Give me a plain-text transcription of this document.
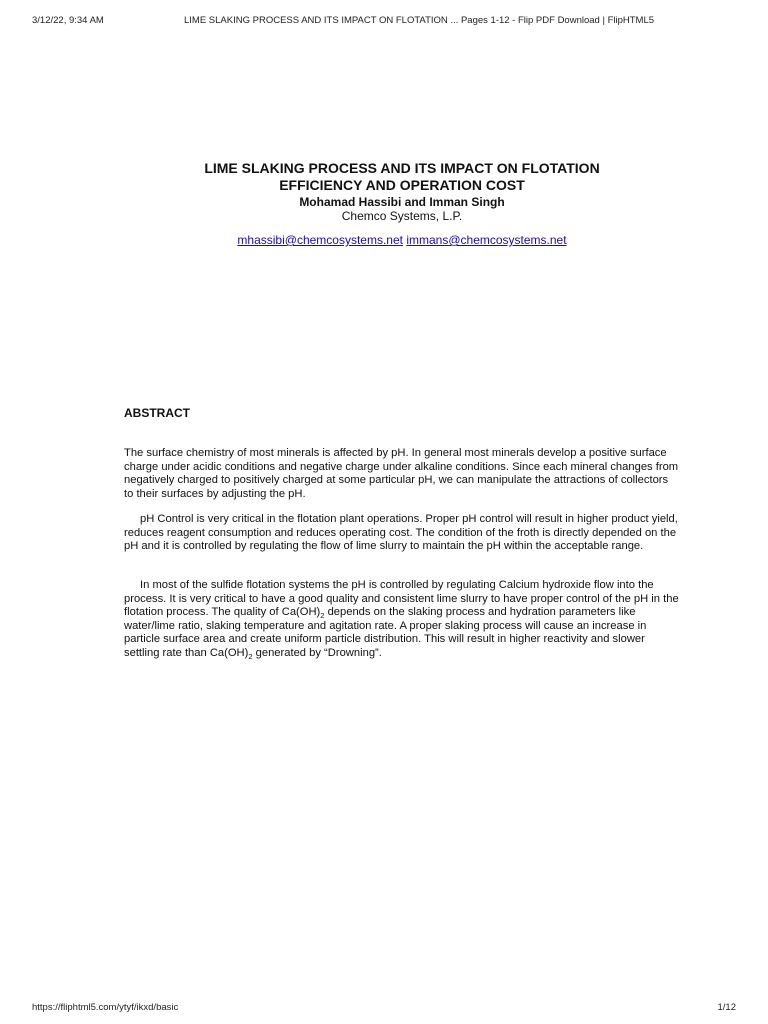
3/12/22, 9:34 AM	LIME SLAKING PROCESS AND ITS IMPACT ON FLOTATION ... Pages 1-12 - Flip PDF Download | FlipHTML5
LIME SLAKING PROCESS AND ITS IMPACT ON FLOTATION
EFFICIENCY AND OPERATION COST
Mohamad Hassibi and Imman Singh
Chemco Systems, L.P.
mhassibi@chemcosystems.net immans@chemcosystems.net
ABSTRACT

The surface chemistry of most minerals is affected by pH. In general most minerals develop a positive surface charge under acidic conditions and negative charge under alkaline conditions. Since each mineral changes from negatively charged to positively charged at some particular pH, we can manipulate the attractions of collectors to their surfaces by adjusting the pH.

pH Control is very critical in the flotation plant operations. Proper pH control will result in higher product yield, reduces reagent consumption and reduces operating cost. The condition of the froth is directly depended on the pH and it is controlled by regulating the flow of lime slurry to maintain the pH within the acceptable range.

In most of the sulfide flotation systems the pH is controlled by regulating Calcium hydroxide flow into the process. It is very critical to have a good quality and consistent lime slurry to have proper control of the pH in the flotation process. The quality of $Ca(OH)_2$ depends on the slaking process and hydration parameters like water/lime ratio, slaking temperature and agitation rate. A proper slaking process will cause an increase in particle surface area and create uniform particle distribution. This will result in higher reactivity and slower settling rate than $Ca(OH)_2$ generated by “Drowning”.

https://fliphtml5.com/ytyf/ikxd/basic	1/12
